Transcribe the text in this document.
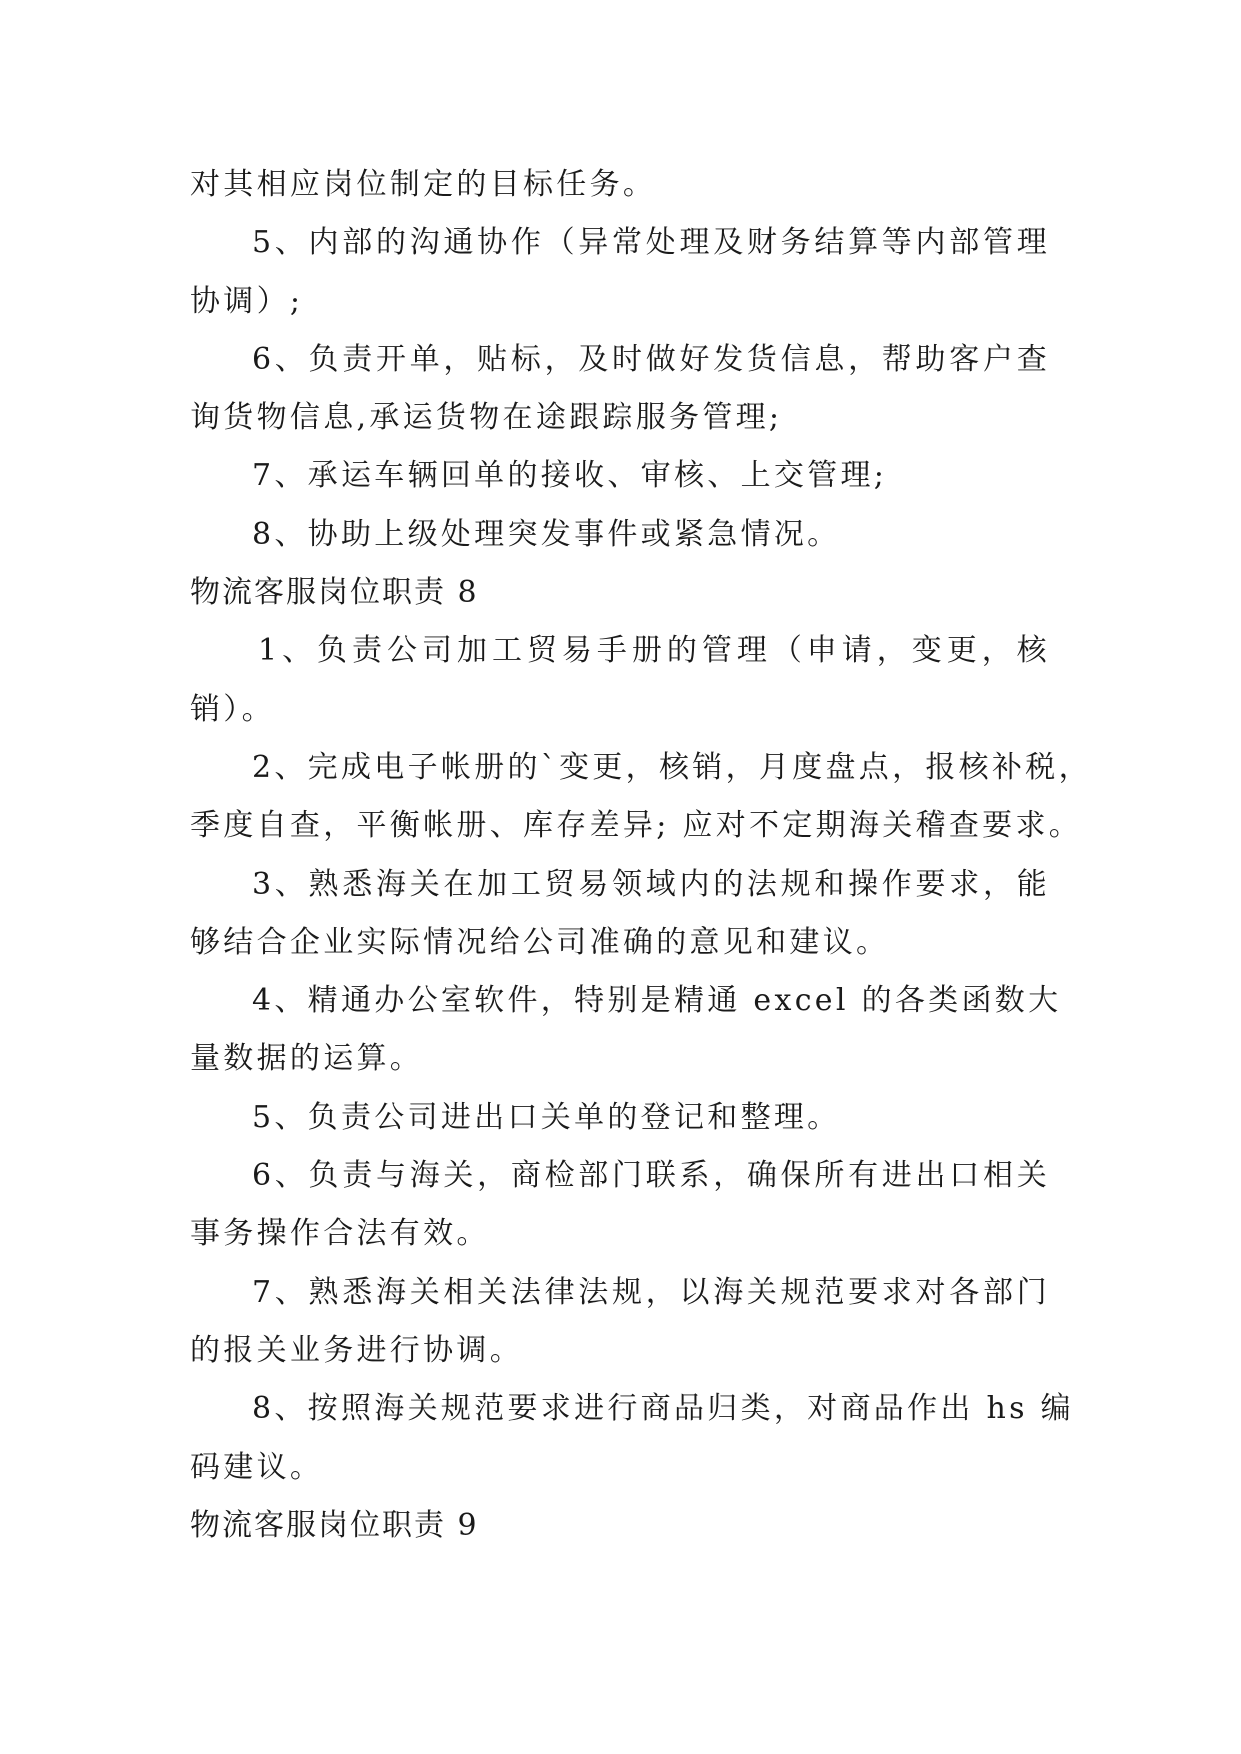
对其相应岗位制定的目标任务。
5、内部的沟通协作（异常处理及财务结算等内部管理
协调）;
6、负责开单，贴标，及时做好发货信息，帮助客户查
询货物信息,承运货物在途跟踪服务管理;
7、承运车辆回单的接收、审核、上交管理;
8、协助上级处理突发事件或紧急情况。
物流客服岗位职责 8
1、负责公司加工贸易手册的管理（申请，变更，核
销）。
2、完成电子帐册的`变更，核销，月度盘点，报核补税，
季度自查，平衡帐册、库存差异; 应对不定期海关稽查要求。
3、熟悉海关在加工贸易领域内的法规和操作要求，能
够结合企业实际情况给公司准确的意见和建议。
4、精通办公室软件，特别是精通 excel 的各类函数大
量数据的运算。
5、负责公司进出口关单的登记和整理。
6、负责与海关，商检部门联系，确保所有进出口相关
事务操作合法有效。
7、熟悉海关相关法律法规，以海关规范要求对各部门
的报关业务进行协调。
8、按照海关规范要求进行商品归类，对商品作出 hs 编
码建议。
物流客服岗位职责 9
